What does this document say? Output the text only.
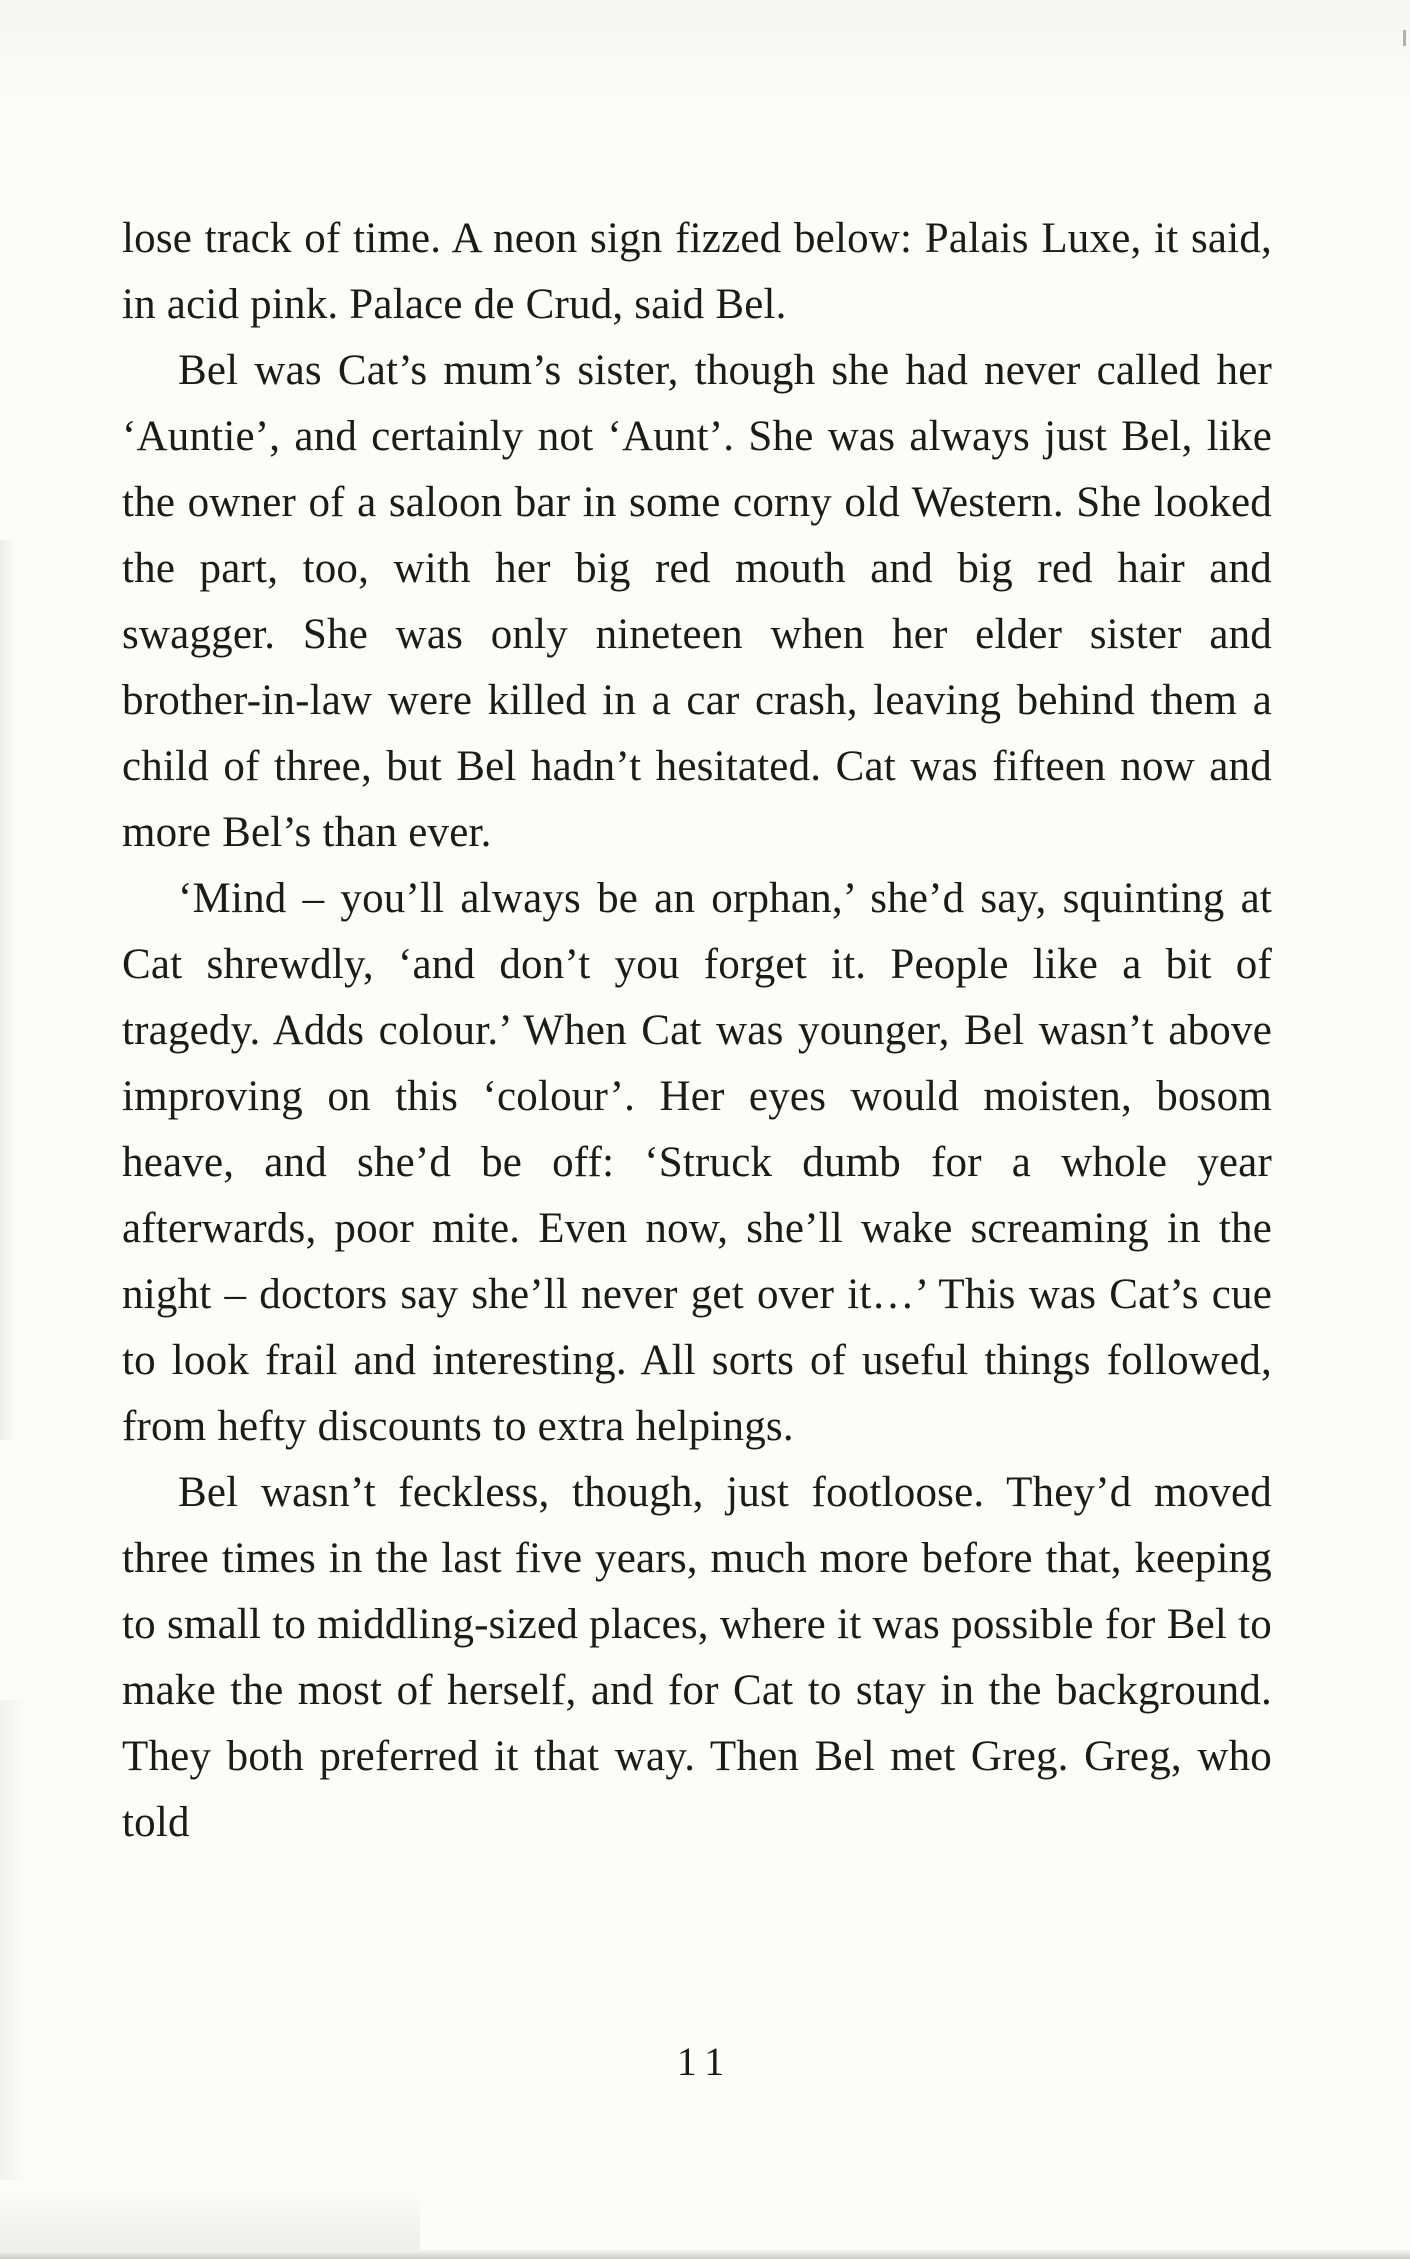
lose track of time. A neon sign fizzed below: Palais Luxe, it said, in acid pink. Palace de Crud, said Bel.

Bel was Cat’s mum’s sister, though she had never called her ‘Auntie’, and certainly not ‘Aunt’. She was always just Bel, like the owner of a saloon bar in some corny old Western. She looked the part, too, with her big red mouth and big red hair and swagger. She was only nineteen when her elder sister and brother-in-law were killed in a car crash, leaving behind them a child of three, but Bel hadn’t hesitated. Cat was fifteen now and more Bel’s than ever.

‘Mind – you’ll always be an orphan,’ she’d say, squinting at Cat shrewdly, ‘and don’t you forget it. People like a bit of tragedy. Adds colour.’ When Cat was younger, Bel wasn’t above improving on this ‘colour’. Her eyes would moisten, bosom heave, and she’d be off: ‘Struck dumb for a whole year afterwards, poor mite. Even now, she’ll wake screaming in the night – doctors say she’ll never get over it…’ This was Cat’s cue to look frail and interesting. All sorts of useful things followed, from hefty discounts to extra helpings.

Bel wasn’t feckless, though, just footloose. They’d moved three times in the last five years, much more before that, keeping to small to middling-sized places, where it was possible for Bel to make the most of herself, and for Cat to stay in the background. They both preferred it that way. Then Bel met Greg. Greg, who told

11
